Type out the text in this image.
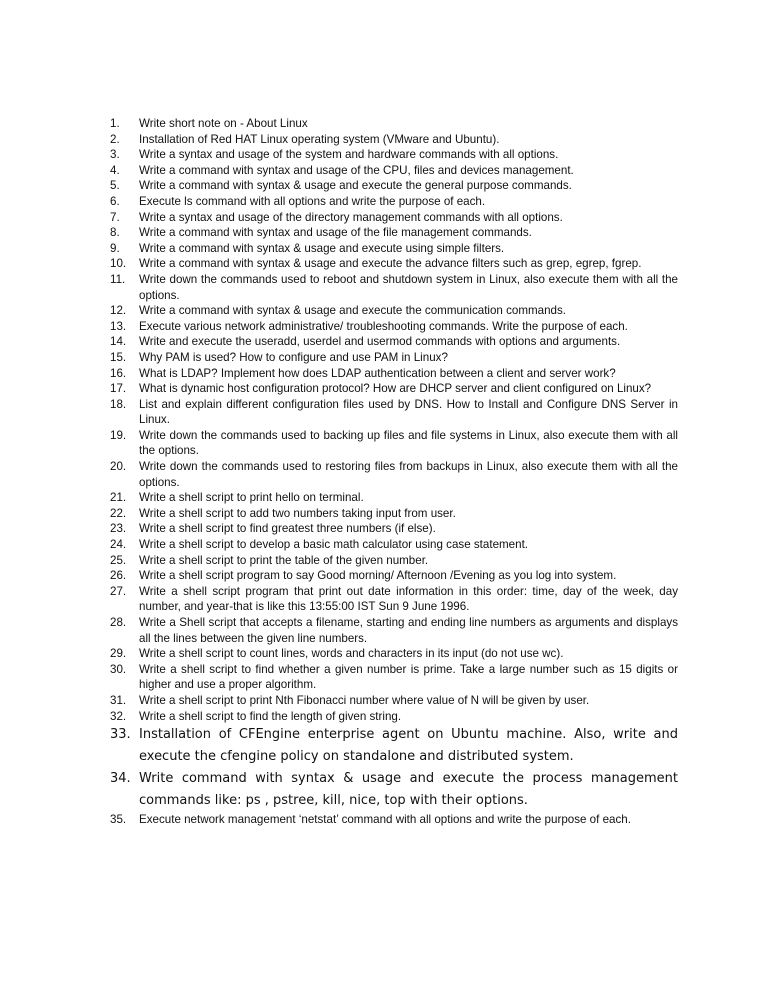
1. Write short note on - About Linux
2. Installation of Red HAT Linux operating system (VMware and Ubuntu).
3. Write a syntax and usage of the system and hardware commands with all options.
4. Write a command with syntax and usage of the CPU, files and devices management.
5. Write a command with syntax & usage and execute the general purpose commands.
6. Execute ls command with all options and write the purpose of each.
7. Write a syntax and usage of the directory management commands with all options.
8. Write a command with syntax and usage of the file management commands.
9. Write a command with syntax & usage and execute using simple filters.
10. Write a command with syntax & usage and execute the advance filters such as grep, egrep, fgrep.
11. Write down the commands used to reboot and shutdown system in Linux, also execute them with all the options.
12. Write a command with syntax & usage and execute the communication commands.
13. Execute various network administrative/ troubleshooting commands. Write the purpose of each.
14. Write and execute the useradd, userdel and usermod commands with options and arguments.
15. Why PAM is used? How to configure and use PAM in Linux?
16. What is LDAP? Implement how does LDAP authentication between a client and server work?
17. What is dynamic host configuration protocol? How are DHCP server and client configured on Linux?
18. List and explain different configuration files used by DNS. How to Install and Configure DNS Server in Linux.
19. Write down the commands used to backing up files and file systems in Linux, also execute them with all the options.
20. Write down the commands used to restoring files from backups in Linux, also execute them with all the options.
21. Write a shell script to print hello on terminal.
22. Write a shell script to add two numbers taking input from user.
23. Write a shell script to find greatest three numbers (if else).
24. Write a shell script to develop a basic math calculator using case statement.
25. Write a shell script to print the table of the given number.
26. Write a shell script program to say Good morning/ Afternoon /Evening as you log into system.
27. Write a shell script program that print out date information in this order: time, day of the week, day number, and year-that is like this 13:55:00 IST Sun 9 June 1996.
28. Write a Shell script that accepts a filename, starting and ending line numbers as arguments and displays all the lines between the given line numbers.
29. Write a shell script to count lines, words and characters in its input (do not use wc).
30. Write a shell script to find whether a given number is prime. Take a large number such as 15 digits or higher and use a proper algorithm.
31. Write a shell script to print Nth Fibonacci number where value of N will be given by user.
32. Write a shell script to find the length of given string.
33. Installation of CFEngine enterprise agent on Ubuntu machine. Also, write and execute the cfengine policy on standalone and distributed system.
34. Write command with syntax & usage and execute the process management commands like: ps , pstree, kill, nice, top with their options.
35. Execute network management ‘netstat’ command with all options and write the purpose of each.
